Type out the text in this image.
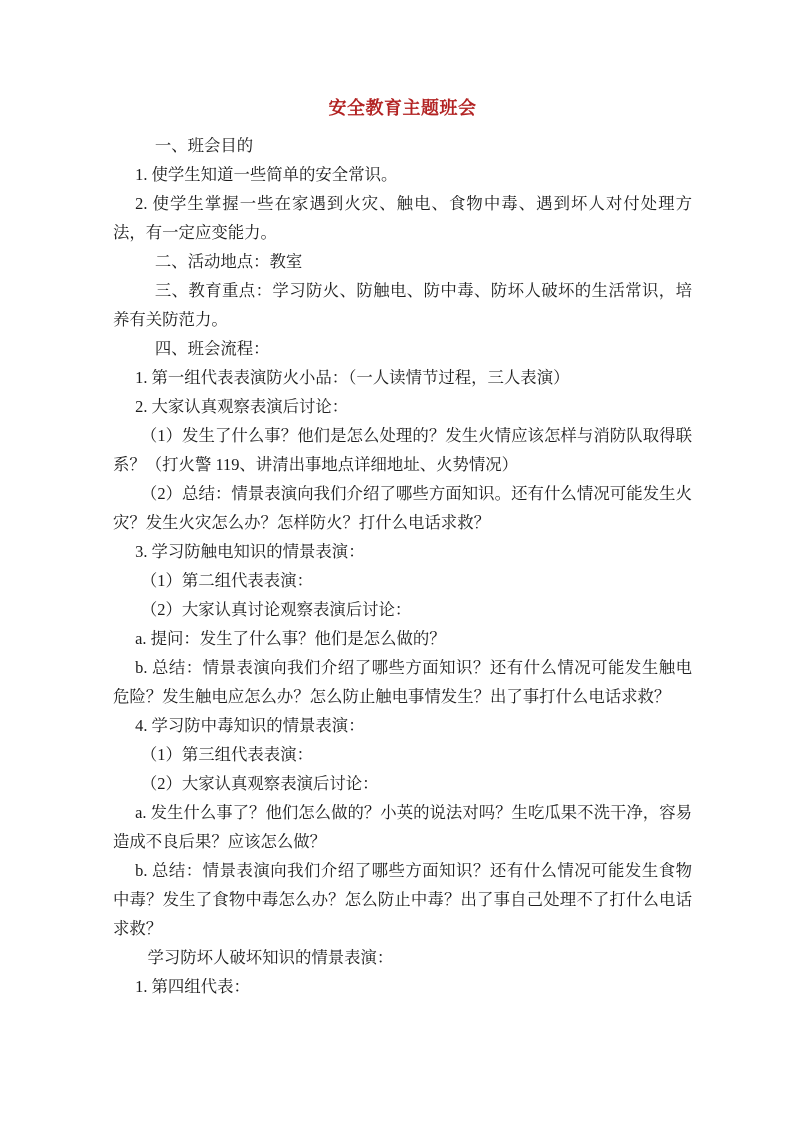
安全教育主题班会

一、班会目的

1. 使学生知道一些简单的安全常识。

2. 使学生掌握一些在家遇到火灾、触电、食物中毒、遇到坏人对付处理方法，有一定应变能力。

二、活动地点：教室

三、教育重点：学习防火、防触电、防中毒、防坏人破坏的生活常识，培养有关防范力。

四、班会流程：

1. 第一组代表表演防火小品：（一人读情节过程，三人表演）

2. 大家认真观察表演后讨论：

（1）发生了什么事？他们是怎么处理的？发生火情应该怎样与消防队取得联系？（打火警 119、讲清出事地点详细地址、火势情况）

（2）总结：情景表演向我们介绍了哪些方面知识。还有什么情况可能发生火灾？发生火灾怎么办？怎样防火？打什么电话求救？

3. 学习防触电知识的情景表演：

（1）第二组代表表演：

（2）大家认真讨论观察表演后讨论：

a. 提问：发生了什么事？他们是怎么做的？

b. 总结：情景表演向我们介绍了哪些方面知识？还有什么情况可能发生触电危险？发生触电应怎么办？怎么防止触电事情发生？出了事打什么电话求救？

4. 学习防中毒知识的情景表演：

（1）第三组代表表演：

（2）大家认真观察表演后讨论：

a. 发生什么事了？他们怎么做的？小英的说法对吗？生吃瓜果不洗干净，容易造成不良后果？应该怎么做？

b. 总结：情景表演向我们介绍了哪些方面知识？还有什么情况可能发生食物中毒？发生了食物中毒怎么办？怎么防止中毒？出了事自己处理不了打什么电话求救？

学习防坏人破坏知识的情景表演：

1. 第四组代表：
